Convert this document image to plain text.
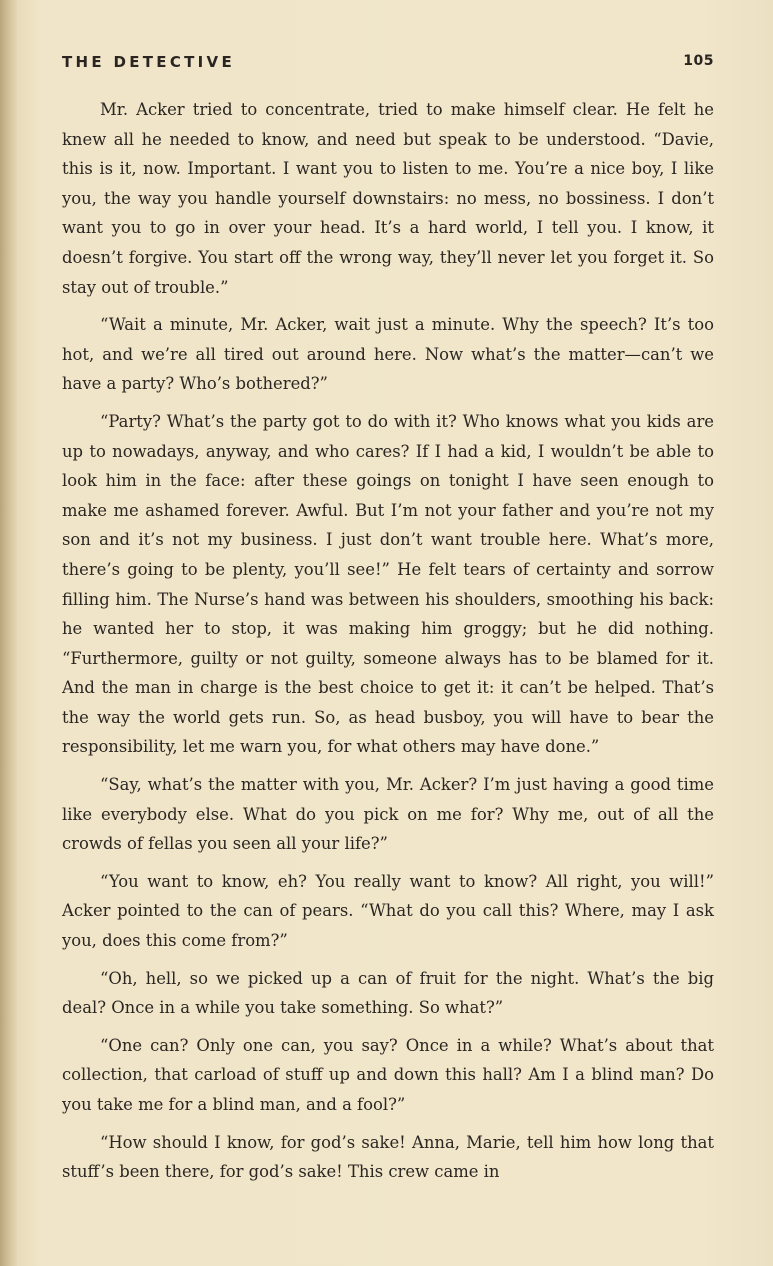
THE DETECTIVE	105

Mr. Acker tried to concentrate, tried to make himself clear. He felt he knew all he needed to know, and need but speak to be understood. “Davie, this is it, now. Important. I want you to listen to me. You’re a nice boy, I like you, the way you handle yourself downstairs: no mess, no bossiness. I don’t want you to go in over your head. It’s a hard world, I tell you. I know, it doesn’t forgive. You start off the wrong way, they’ll never let you forget it. So stay out of trouble.”

“Wait a minute, Mr. Acker, wait just a minute. Why the speech? It’s too hot, and we’re all tired out around here. Now what’s the matter—can’t we have a party? Who’s bothered?”

“Party? What’s the party got to do with it? Who knows what you kids are up to nowadays, anyway, and who cares? If I had a kid, I wouldn’t be able to look him in the face: after these goings on tonight I have seen enough to make me ashamed forever. Awful. But I’m not your father and you’re not my son and it’s not my business. I just don’t want trouble here. What’s more, there’s going to be plenty, you’ll see!” He felt tears of certainty and sorrow filling him. The Nurse’s hand was between his shoulders, smoothing his back: he wanted her to stop, it was making him groggy; but he did nothing. “Furthermore, guilty or not guilty, someone always has to be blamed for it. And the man in charge is the best choice to get it: it can’t be helped. That’s the way the world gets run. So, as head busboy, you will have to bear the responsibility, let me warn you, for what others may have done.”

“Say, what’s the matter with you, Mr. Acker? I’m just having a good time like everybody else. What do you pick on me for? Why me, out of all the crowds of fellas you seen all your life?”

“You want to know, eh? You really want to know? All right, you will!” Acker pointed to the can of pears. “What do you call this? Where, may I ask you, does this come from?”

“Oh, hell, so we picked up a can of fruit for the night. What’s the big deal? Once in a while you take something. So what?”

“One can? Only one can, you say? Once in a while? What’s about that collection, that carload of stuff up and down this hall? Am I a blind man? Do you take me for a blind man, and a fool?”

“How should I know, for god’s sake! Anna, Marie, tell him how long that stuff’s been there, for god’s sake! This crew came in
